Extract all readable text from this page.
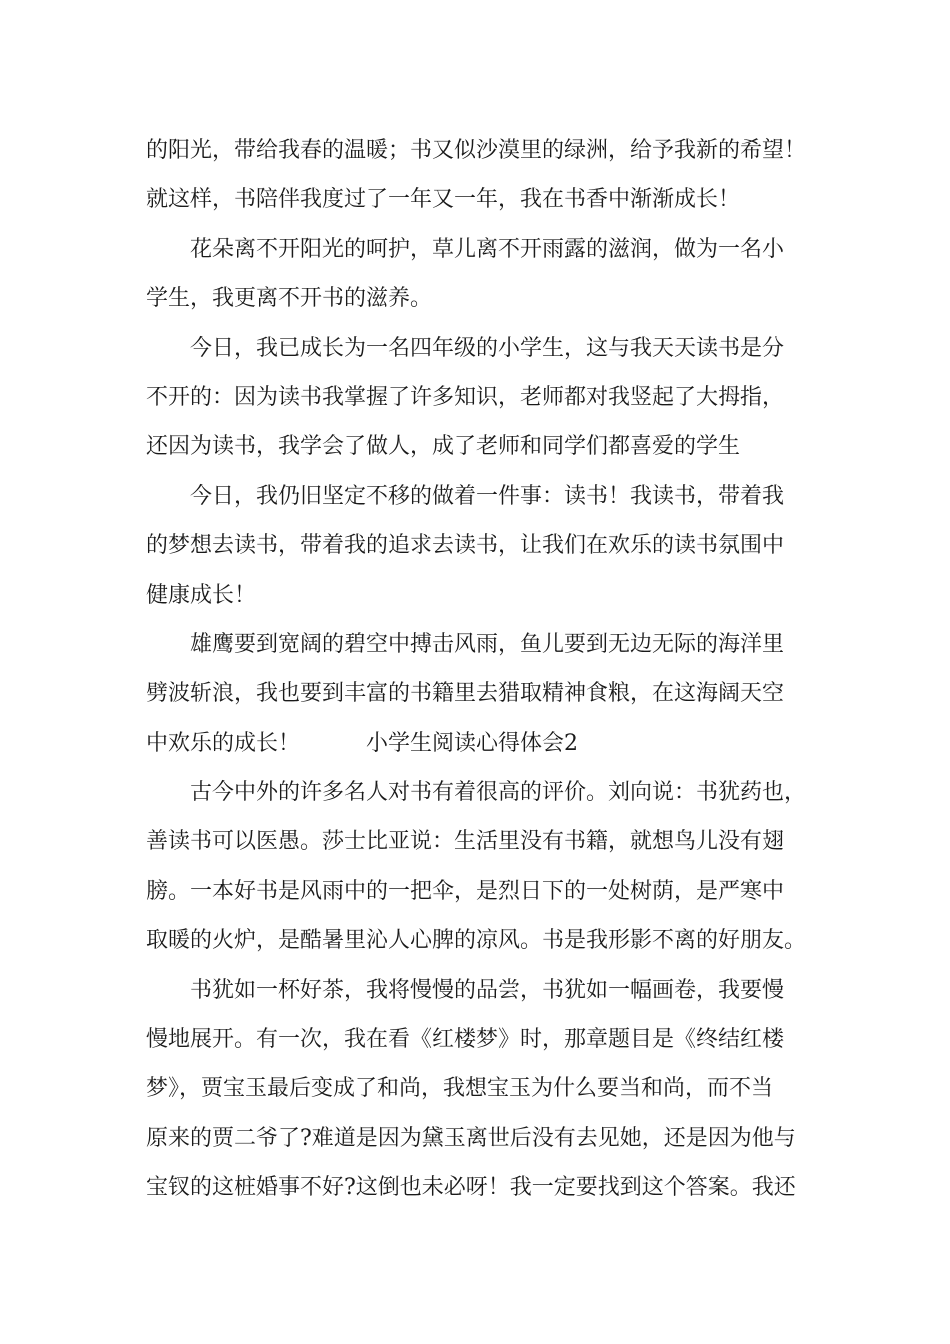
的阳光，带给我春的温暖；书又似沙漠里的绿洲，给予我新的希望！
就这样，书陪伴我度过了一年又一年，我在书香中渐渐成长！
花朵离不开阳光的呵护，草儿离不开雨露的滋润，做为一名小
学生，我更离不开书的滋养。
今日，我已成长为一名四年级的小学生，这与我天天读书是分
不开的：因为读书我掌握了许多知识，老师都对我竖起了大拇指，
还因为读书，我学会了做人，成了老师和同学们都喜爱的学生
今日，我仍旧坚定不移的做着一件事：读书！我读书，带着我
的梦想去读书，带着我的追求去读书，让我们在欢乐的读书氛围中
健康成长！
雄鹰要到宽阔的碧空中搏击风雨，鱼儿要到无边无际的海洋里
劈波斩浪，我也要到丰富的书籍里去猎取精神食粮，在这海阔天空
中欢乐的成长！	小学生阅读心得体会2
古今中外的许多名人对书有着很高的评价。刘向说：书犹药也，
善读书可以医愚。莎士比亚说：生活里没有书籍，就想鸟儿没有翅
膀。一本好书是风雨中的一把伞，是烈日下的一处树荫，是严寒中
取暖的火炉，是酷暑里沁人心脾的凉风。书是我形影不离的好朋友。
书犹如一杯好茶，我将慢慢的品尝，书犹如一幅画卷，我要慢
慢地展开。有一次，我在看《红楼梦》时，那章题目是《终结红楼
梦》，贾宝玉最后变成了和尚，我想宝玉为什么要当和尚，而不当
原来的贾二爷了?难道是因为黛玉离世后没有去见她，还是因为他与
宝钗的这桩婚事不好?这倒也未必呀！我一定要找到这个答案。我还
